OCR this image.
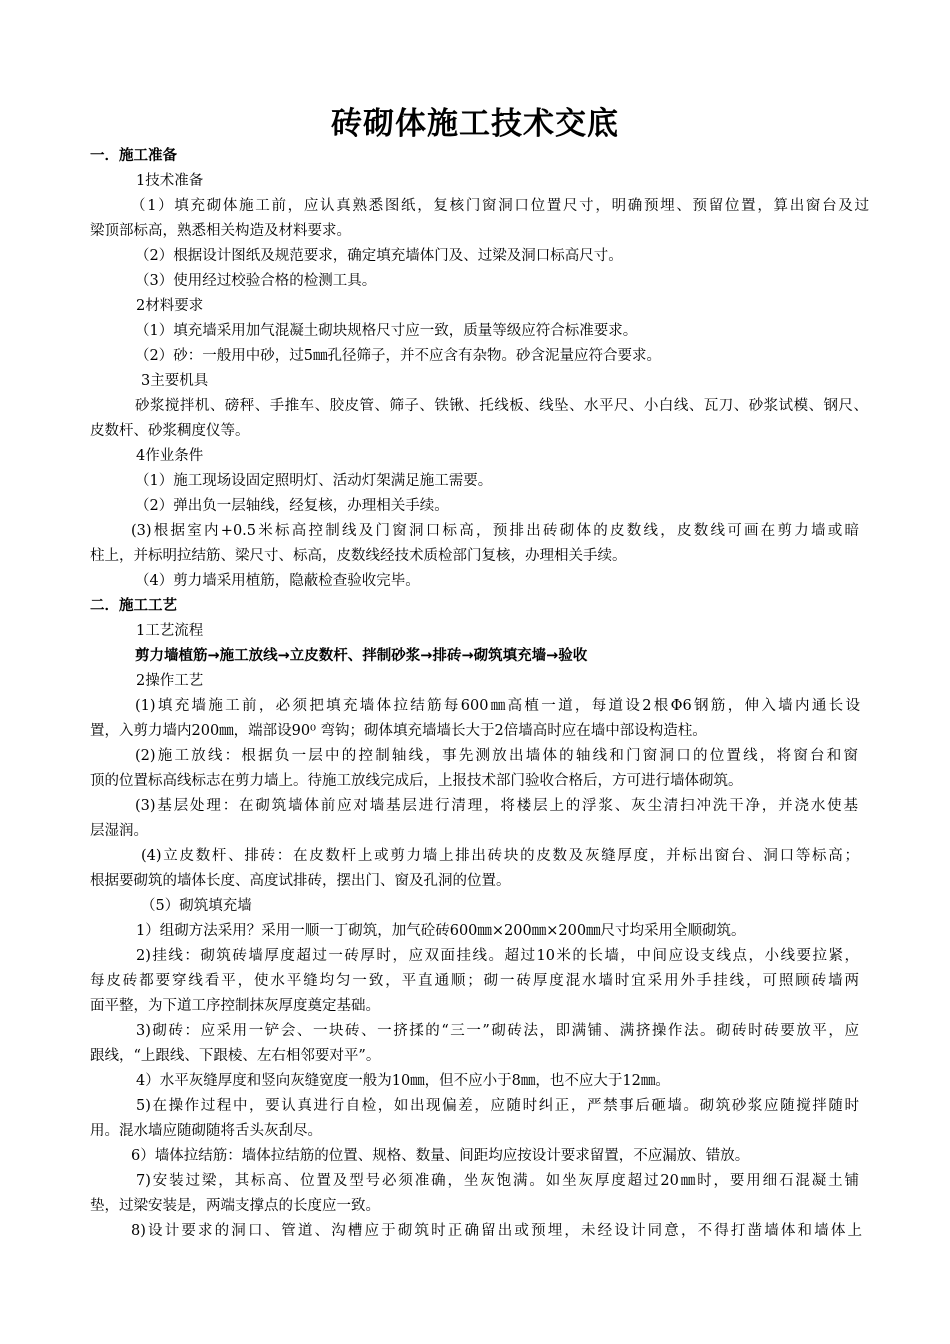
砖砌体施工技术交底
一．施工准备
1技术准备
（1）填充砌体施工前，应认真熟悉图纸，复核门窗洞口位置尺寸，明确预埋、预留位置，算出窗台及过
梁顶部标高，熟悉相关构造及材料要求。
（2）根据设计图纸及规范要求，确定填充墙体门及、过梁及洞口标高尺寸。
（3）使用经过校验合格的检测工具。
2材料要求
（1）填充墙采用加气混凝土砌块规格尺寸应一致，质量等级应符合标准要求。
（2）砂：一般用中砂，过5㎜孔径筛子，并不应含有杂物。砂含泥量应符合要求。
3主要机具
砂浆搅拌机、磅秤、手推车、胶皮管、筛子、铁锹、托线板、线坠、水平尺、小白线、瓦刀、砂浆试模、钢尺、
皮数杆、砂浆稠度仪等。
4作业条件
（1）施工现场设固定照明灯、活动灯架满足施工需要。
（2）弹出负一层轴线，经复核，办理相关手续。
(3)根据室内+0.5米标高控制线及门窗洞口标高，预排出砖砌体的皮数线，皮数线可画在剪力墙或暗
柱上，并标明拉结筋、梁尺寸、标高，皮数线经技术质检部门复核，办理相关手续。
（4）剪力墙采用植筋，隐蔽检查验收完毕。
二．施工工艺
1工艺流程
剪力墙植筋→施工放线→立皮数杆、拌制砂浆→排砖→砌筑填充墙→验收
2操作工艺
(1)填充墙施工前，必须把填充墙体拉结筋每600㎜高植一道，每道设2根Φ6钢筋，伸入墙内通长设
置，入剪力墙内200㎜，端部设90⁰ 弯钩；砌体填充墙墙长大于2倍墙高时应在墙中部设构造柱。
(2)施工放线：根据负一层中的控制轴线，事先测放出墙体的轴线和门窗洞口的位置线，将窗台和窗
顶的位置标高线标志在剪力墙上。待施工放线完成后，上报技术部门验收合格后，方可进行墙体砌筑。
(3)基层处理：在砌筑墙体前应对墙基层进行清理，将楼层上的浮浆、灰尘清扫冲洗干净，并浇水使基
层湿润。
(4)立皮数杆、排砖：在皮数杆上或剪力墙上排出砖块的皮数及灰缝厚度，并标出窗台、洞口等标高；
根据要砌筑的墙体长度、高度试排砖，摆出门、窗及孔洞的位置。
（5）砌筑填充墙
1）组砌方法采用？采用一顺一丁砌筑，加气砼砖600㎜×200㎜×200㎜尺寸均采用全顺砌筑。
2)挂线：砌筑砖墙厚度超过一砖厚时，应双面挂线。超过10米的长墙，中间应设支线点，小线要拉紧，
每皮砖都要穿线看平，使水平缝均匀一致，平直通顺；砌一砖厚度混水墙时宜采用外手挂线，可照顾砖墙两
面平整，为下道工序控制抹灰厚度奠定基础。
3)砌砖：应采用一铲会、一块砖、一挤揉的“三一”砌砖法，即满铺、满挤操作法。砌砖时砖要放平，应
跟线，“上跟线、下跟棱、左右相邻要对平”。
4）水平灰缝厚度和竖向灰缝宽度一般为10㎜，但不应小于8㎜，也不应大于12㎜。
5)在操作过程中，要认真进行自检，如出现偏差，应随时纠正，严禁事后砸墙。砌筑砂浆应随搅拌随时
用。混水墙应随砌随将舌头灰刮尽。
6）墙体拉结筋：墙体拉结筋的位置、规格、数量、间距均应按设计要求留置，不应漏放、错放。
7)安装过梁，其标高、位置及型号必须准确，坐灰饱满。如坐灰厚度超过20㎜时，要用细石混凝土铺
垫，过梁安装是，两端支撑点的长度应一致。
8)设计要求的洞口、管道、沟槽应于砌筑时正确留出或预埋，未经设计同意，不得打凿墙体和墙体上
